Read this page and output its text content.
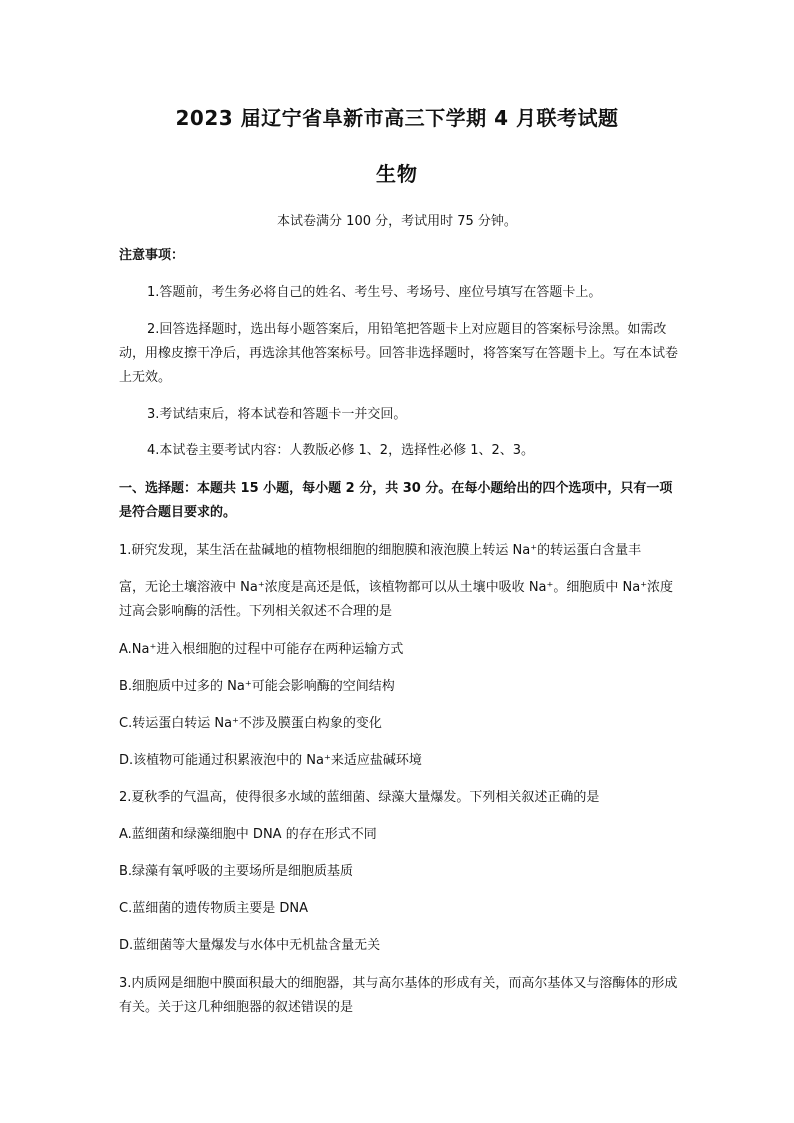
2023 届辽宁省阜新市高三下学期 4 月联考试题
生物
本试卷满分 100 分，考试用时 75 分钟。
注意事项：
1.答题前，考生务必将自己的姓名、考生号、考场号、座位号填写在答题卡上。
2.回答选择题时，选出每小题答案后，用铅笔把答题卡上对应题目的答案标号涂黑。如需改动，用橡皮擦干净后，再选涂其他答案标号。回答非选择题时，将答案写在答题卡上。写在本试卷上无效。
3.考试结束后，将本试卷和答题卡一并交回。
4.本试卷主要考试内容：人教版必修 1、2，选择性必修 1、2、3。
一、选择题：本题共 15 小题，每小题 2 分，共 30 分。在每小题给出的四个选项中，只有一项是符合题目要求的。
1.研究发现，某生活在盐碱地的植物根细胞的细胞膜和液泡膜上转运 Na⁺的转运蛋白含量丰
富，无论土壤溶液中 Na⁺浓度是高还是低，该植物都可以从土壤中吸收 Na⁺。细胞质中 Na⁺浓度过高会影响酶的活性。下列相关叙述不合理的是
A.Na⁺进入根细胞的过程中可能存在两种运输方式
B.细胞质中过多的 Na⁺可能会影响酶的空间结构
C.转运蛋白转运 Na⁺不涉及膜蛋白构象的变化
D.该植物可能通过积累液泡中的 Na⁺来适应盐碱环境
2.夏秋季的气温高，使得很多水域的蓝细菌、绿藻大量爆发。下列相关叙述正确的是
A.蓝细菌和绿藻细胞中 DNA 的存在形式不同
B.绿藻有氧呼吸的主要场所是细胞质基质
C.蓝细菌的遗传物质主要是 DNA
D.蓝细菌等大量爆发与水体中无机盐含量无关
3.内质网是细胞中膜面积最大的细胞器，其与高尔基体的形成有关，而高尔基体又与溶酶体的形成有关。关于这几种细胞器的叙述错误的是
